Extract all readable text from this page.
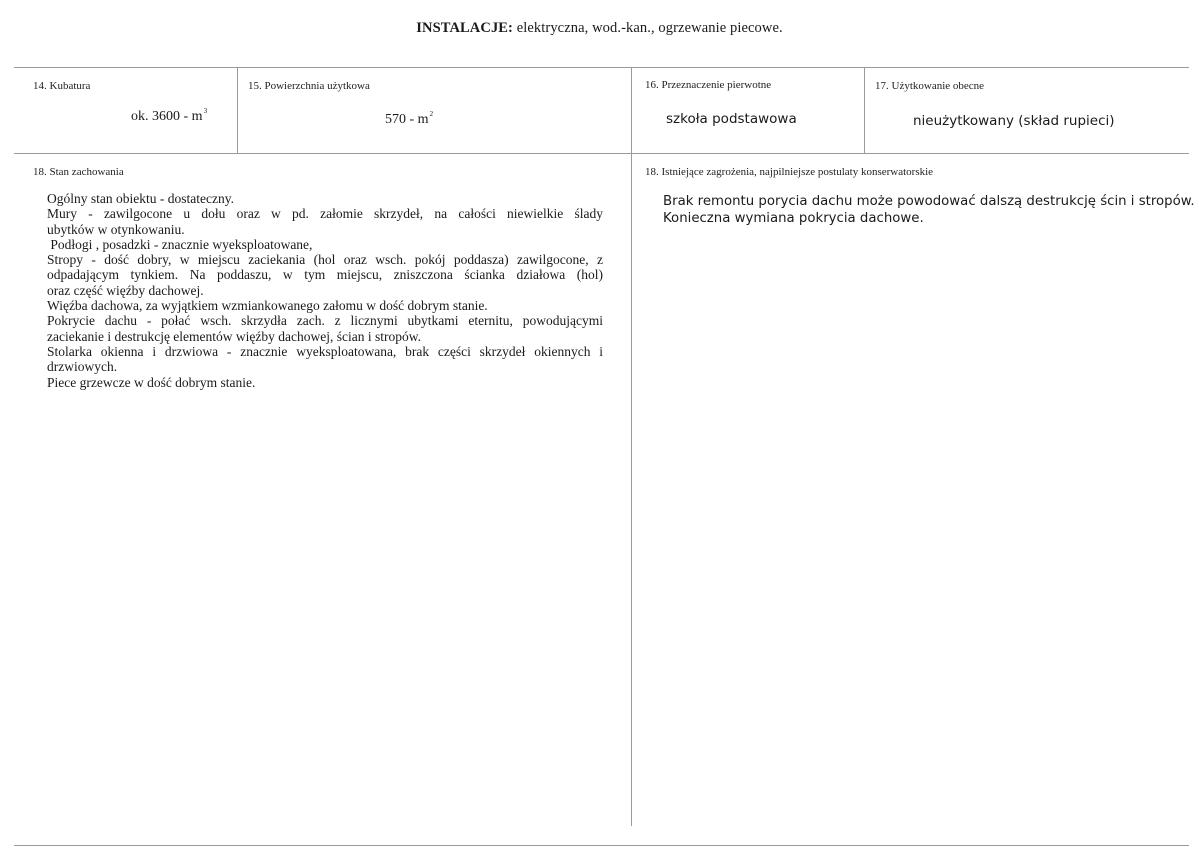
INSTALACJE: elektryczna, wod.-kan., ogrzewanie piecowe.
14. Kubatura
ok. $3600 - m^3$
15. Powierzchnia użytkowa
$570 - m^2$
16. Przeznaczenie pierwotne
szkoła podstawowa
17. Użytkowanie obecne
nieużytkowany (skład rupieci)
18. Stan zachowania
Ogólny stan obiektu - dostateczny.
Mury - zawilgocone u dołu oraz w pd. załomie skrzydeł, na całości niewielkie ślady
ubytków w otynkowaniu.
Podłogi , posadzki - znacznie wyeksploatowane,
Stropy - dość dobry, w miejscu zaciekania (hol oraz wsch. pokój poddasza) zawilgocone, z
odpadającym tynkiem. Na poddaszu, w tym miejscu, zniszczona ścianka działowa (hol)
oraz część więźby dachowej.
Więźba dachowa, za wyjątkiem wzmiankowanego załomu w dość dobrym stanie.
Pokrycie dachu - połać wsch. skrzydła zach. z licznymi ubytkami eternitu, powodującymi
zaciekanie i destrukcję elementów więźby dachowej, ścian i stropów.
Stolarka okienna i drzwiowa - znacznie wyeksploatowana, brak części skrzydeł okiennych i
drzwiowych.
Piece grzewcze w dość dobrym stanie.
18. Istniejące zagrożenia, najpilniejsze postulaty konserwatorskie
Brak remontu porycia dachu może powodować dalszą destrukcję ścin i stropów.
Konieczna wymiana pokrycia dachowe.
